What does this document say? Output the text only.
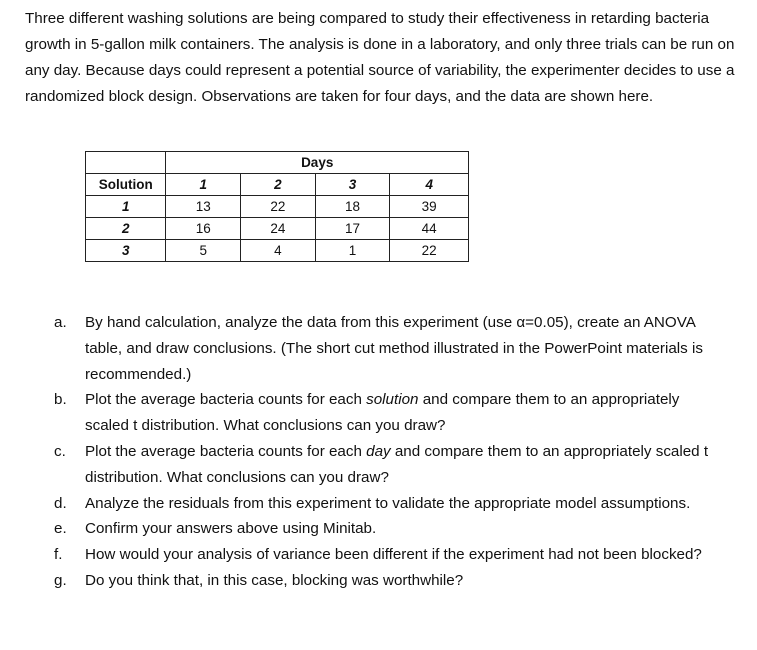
Three different washing solutions are being compared to study their effectiveness in retarding bacteria growth in 5-gallon milk containers. The analysis is done in a laboratory, and only three trials can be run on any day. Because days could represent a potential source of variability, the experimenter decides to use a randomized block design. Observations are taken for four days, and the data are shown here.

	Days			
Solution	1	2	3	4
1	13	22	18	39
2	16	24	17	44
3	5	4	1	22
a. By hand calculation, analyze the data from this experiment (use α=0.05), create an ANOVA table, and draw conclusions. (The short cut method illustrated in the PowerPoint materials is recommended.)
b. Plot the average bacteria counts for each solution and compare them to an appropriately scaled t distribution. What conclusions can you draw?
c. Plot the average bacteria counts for each day and compare them to an appropriately scaled t distribution. What conclusions can you draw?
d. Analyze the residuals from this experiment to validate the appropriate model assumptions.
e. Confirm your answers above using Minitab.
f. How would your analysis of variance been different if the experiment had not been blocked?
g. Do you think that, in this case, blocking was worthwhile?
